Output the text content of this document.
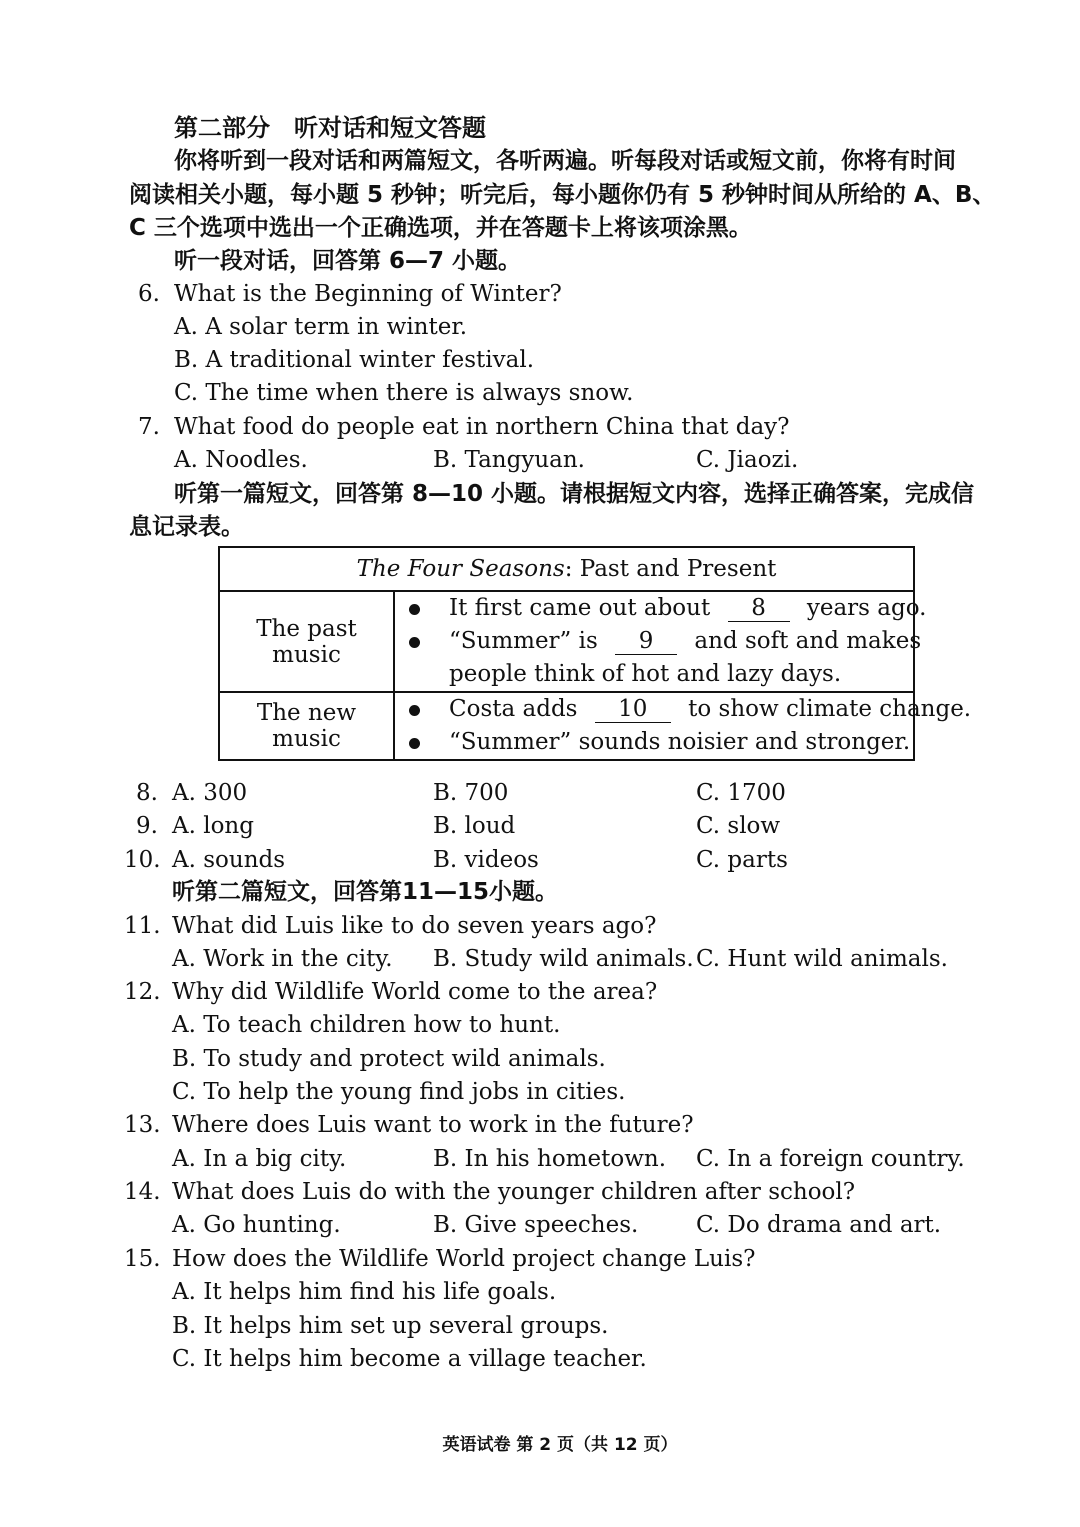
第二部分　听对话和短文答题
你将听到一段对话和两篇短文，各听两遍。听每段对话或短文前，你将有时间
阅读相关小题，每小题 5 秒钟；听完后，每小题你仍有 5 秒钟时间从所给的 A、B、
C 三个选项中选出一个正确选项，并在答题卡上将该项涂黑。
听一段对话，回答第 6—7 小题。
6. What is the Beginning of Winter?
A. A solar term in winter.
B. A traditional winter festival.
C. The time when there is always snow.
7. What food do people eat in northern China that day?
A. Noodles.	B. Tangyuan.	C. Jiaozi.
听第一篇短文，回答第 8—10 小题。请根据短文内容，选择正确答案，完成信
息记录表。
The Four Seasons: Past and Present	
The past music	It first came out about 8 years ago.
“Summer” is 9 and soft and makes
people think of hot and lazy days.

The new music	Costa adds 10 to show climate change.
“Summer” sounds noisier and stronger.
8. A. 300	B. 700	C. 1700
9. A. long	B. loud	C. slow
10. A. sounds	B. videos	C. parts
听第二篇短文，回答第11—15小题。
11. What did Luis like to do seven years ago?
A. Work in the city. B. Study wild animals. C. Hunt wild animals.
12. Why did Wildlife World come to the area?
A. To teach children how to hunt.
B. To study and protect wild animals.
C. To help the young find jobs in cities.
13. Where does Luis want to work in the future?
A. In a big city.	B. In his hometown. C. In a foreign country.
14. What does Luis do with the younger children after school?
A. Go hunting.	B. Give speeches.	C. Do drama and art.
15. How does the Wildlife World project change Luis?
A. It helps him find his life goals.
B. It helps him set up several groups.
C. It helps him become a village teacher.
英语试卷 第 2 页（共 12 页）
